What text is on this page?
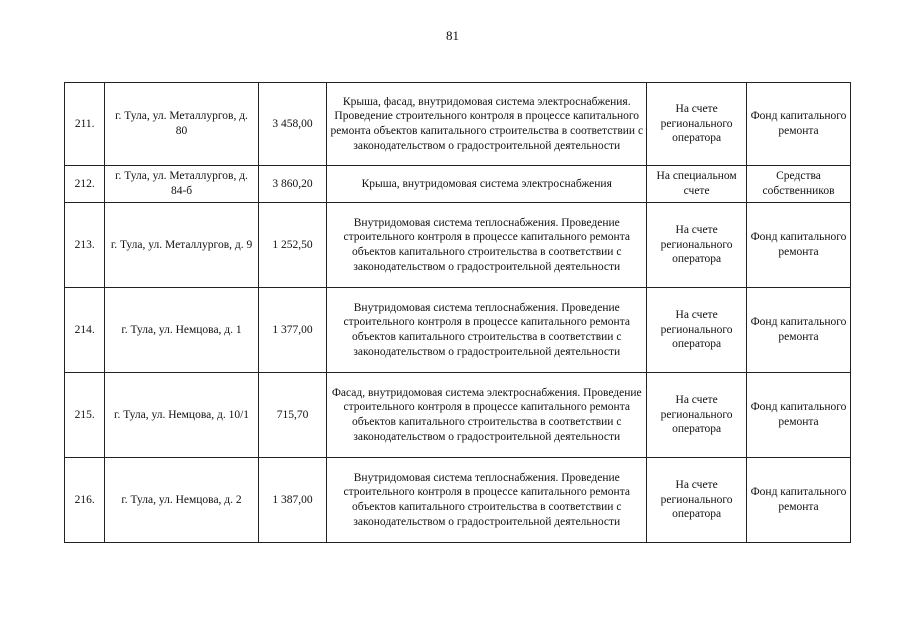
81
211.	г. Тула, ул. Металлургов, д. 80	3 458,00	Крыша, фасад, внутридомовая система электроснабжения. Проведение строительного контроля в процессе капитального ремонта объектов капитального строительства в соответствии с законодательством о градостроительной деятельности	На счете регионального оператора	Фонд капитального ремонта
212.	г. Тула, ул. Металлургов, д. 84-б	3 860,20	Крыша, внутридомовая система электроснабжения	На специальном счете	Средства собственников
213.	г. Тула, ул. Металлургов, д. 9	1 252,50	Внутридомовая система теплоснабжения. Проведение строительного контроля в процессе капитального ремонта объектов капитального строительства в соответствии с законодательством о градостроительной деятельности	На счете регионального оператора	Фонд капитального ремонта
214.	г. Тула, ул. Немцова, д. 1	1 377,00	Внутридомовая система теплоснабжения. Проведение строительного контроля в процессе капитального ремонта объектов капитального строительства в соответствии с законодательством о градостроительной деятельности	На счете регионального оператора	Фонд капитального ремонта
215.	г. Тула, ул. Немцова, д. 10/1	715,70	Фасад, внутридомовая система электроснабжения. Проведение строительного контроля в процессе капитального ремонта объектов капитального строительства в соответствии с законодательством о градостроительной деятельности	На счете регионального оператора	Фонд капитального ремонта
216.	г. Тула, ул. Немцова, д. 2	1 387,00	Внутридомовая система теплоснабжения. Проведение строительного контроля в процессе капитального ремонта объектов капитального строительства в соответствии с законодательством о градостроительной деятельности	На счете регионального оператора	Фонд капитального ремонта
